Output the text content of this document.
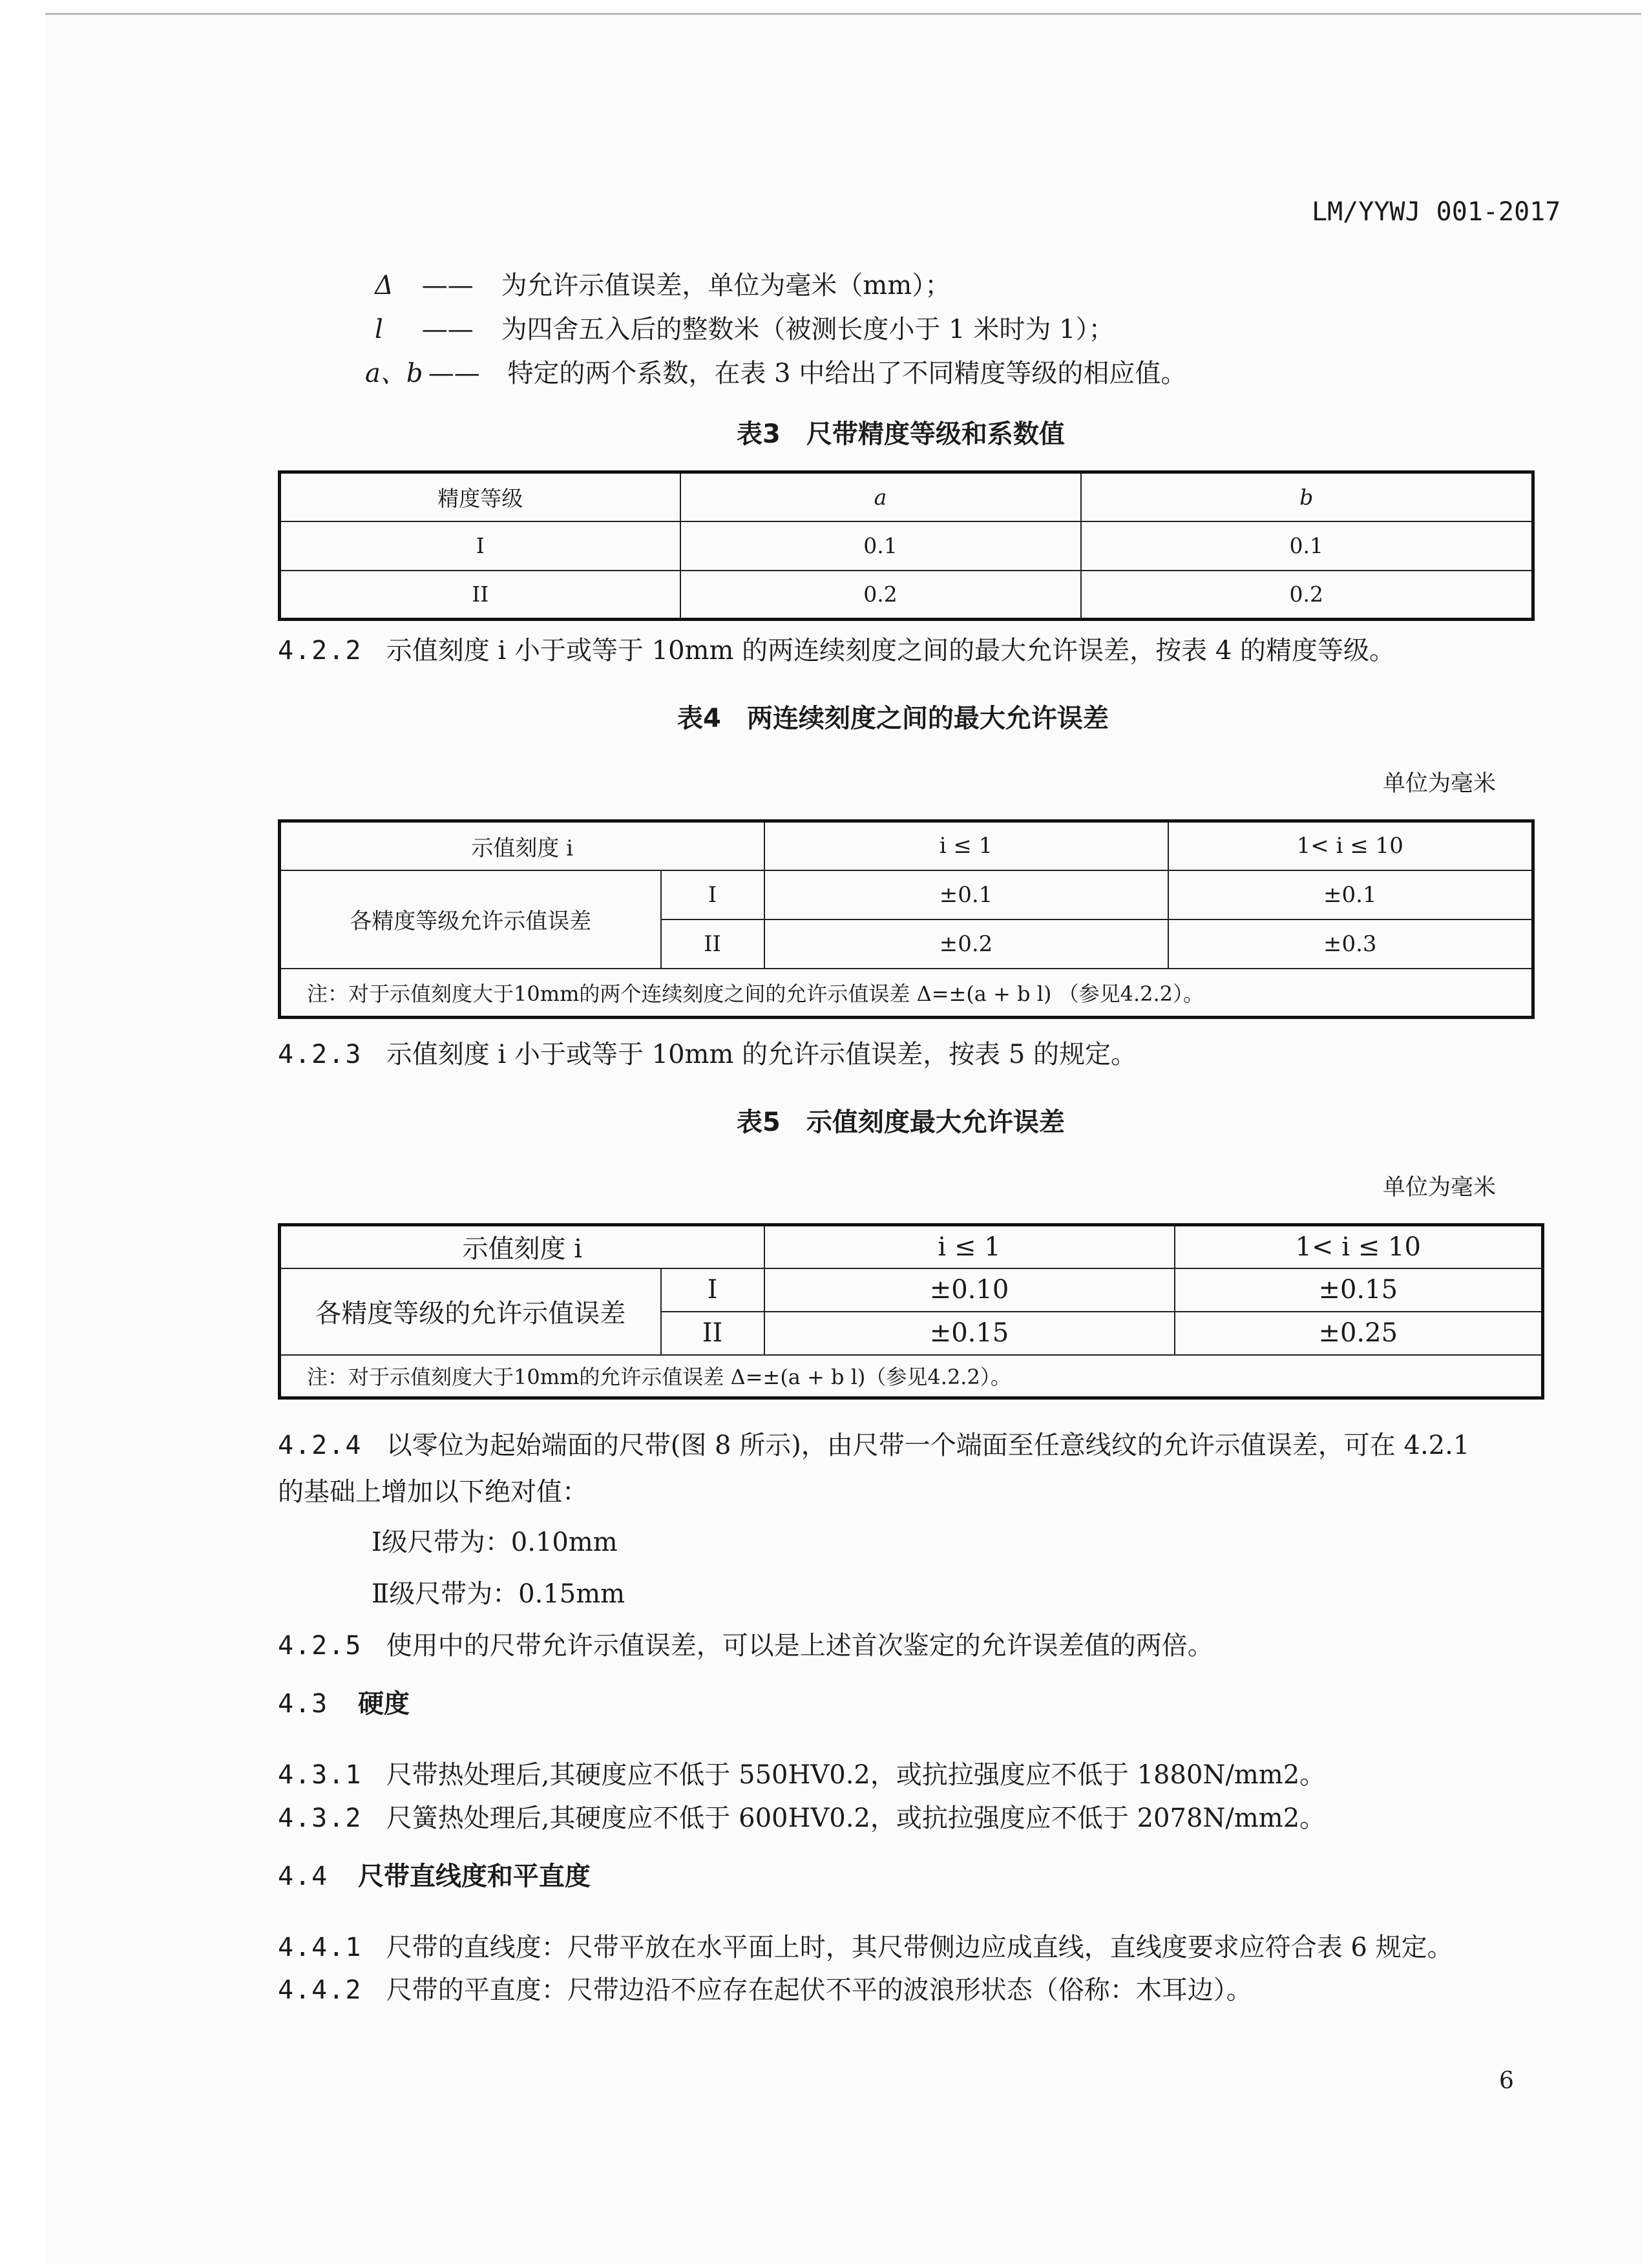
LM/YYWJ 001-2017
Δ —— 为允许示值误差，单位为毫米（mm）；
l —— 为四舍五入后的整数米（被测长度小于 1 米时为 1）；
a、b —— 特定的两个系数，在表 3 中给出了不同精度等级的相应值。
表3　尺带精度等级和系数值
精度等级	a	b
I	0.1	0.1
II	0.2	0.2
4.2.2 示值刻度 i 小于或等于 10mm 的两连续刻度之间的最大允许误差，按表 4 的精度等级。
表4　两连续刻度之间的最大允许误差
单位为毫米
示值刻度 i		i ≤ 1	1< i ≤ 10
各精度等级允许示值误差	I	±0.1	±0.1
	II	±0.2	±0.3
注：对于示值刻度大于10mm的两个连续刻度之间的允许示值误差 Δ=±(a + b l) （参见4.2.2）。			
4.2.3 示值刻度 i 小于或等于 10mm 的允许示值误差，按表 5 的规定。
表5　示值刻度最大允许误差
单位为毫米
示值刻度 i		i ≤ 1	1< i ≤ 10
各精度等级的允许示值误差	I	±0.10	±0.15
	II	±0.15	±0.25
注：对于示值刻度大于10mm的允许示值误差 Δ=±(a + b l)（参见4.2.2）。			
4.2.4 以零位为起始端面的尺带(图 8 所示)，由尺带一个端面至任意线纹的允许示值误差，可在 4.2.1
的基础上增加以下绝对值：
Ⅰ级尺带为：0.10mm
Ⅱ级尺带为：0.15mm
4.2.5 使用中的尺带允许示值误差，可以是上述首次鉴定的允许误差值的两倍。
4.3 硬度
4.3.1 尺带热处理后,其硬度应不低于 550HV0.2，或抗拉强度应不低于 1880N/mm2。
4.3.2 尺簧热处理后,其硬度应不低于 600HV0.2，或抗拉强度应不低于 2078N/mm2。
4.4 尺带直线度和平直度
4.4.1 尺带的直线度：尺带平放在水平面上时，其尺带侧边应成直线，直线度要求应符合表 6 规定。
4.4.2 尺带的平直度：尺带边沿不应存在起伏不平的波浪形状态（俗称：木耳边）。
6
